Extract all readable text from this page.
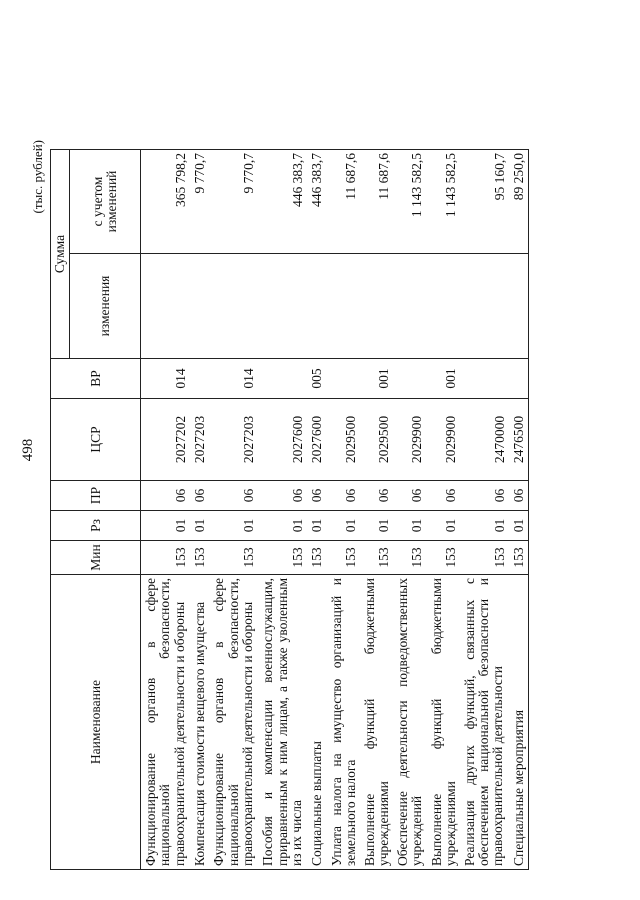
498
(тыс. рублей)
Наименование	Мин	Рз	ПР	ЦСР	ВР	Сумма	
						изменения	с учетом изменений
Функционирование органов в сфере национальной безопасности, правоохранительной деятельности и обороны	153	01	06	2027202	014		365 798,2
Компенсация стоимости вещевого имущества	153	01	06	2027203			9 770,7
Функционирование органов в сфере национальной безопасности, правоохранительной деятельности и обороны	153	01	06	2027203	014		9 770,7
Пособия и компенсации военнослужащим, приравненным к ним лицам, а также уволенным из их числа	153	01	06	2027600			446 383,7
Социальные выплаты	153	01	06	2027600	005		446 383,7
Уплата налога на имущество организаций и земельного налога	153	01	06	2029500			11 687,6
Выполнение функций бюджетными учреждениями	153	01	06	2029500	001		11 687,6
Обеспечение деятельности подведомственных учреждений	153	01	06	2029900			1 143 582,5
Выполнение функций бюджетными учреждениями	153	01	06	2029900	001		1 143 582,5
Реализация других функций, связанных с обеспечением национальной безопасности и правоохранительной деятельности	153	01	06	2470000			95 160,7
Специальные мероприятия	153	01	06	2476500			89 250,0
